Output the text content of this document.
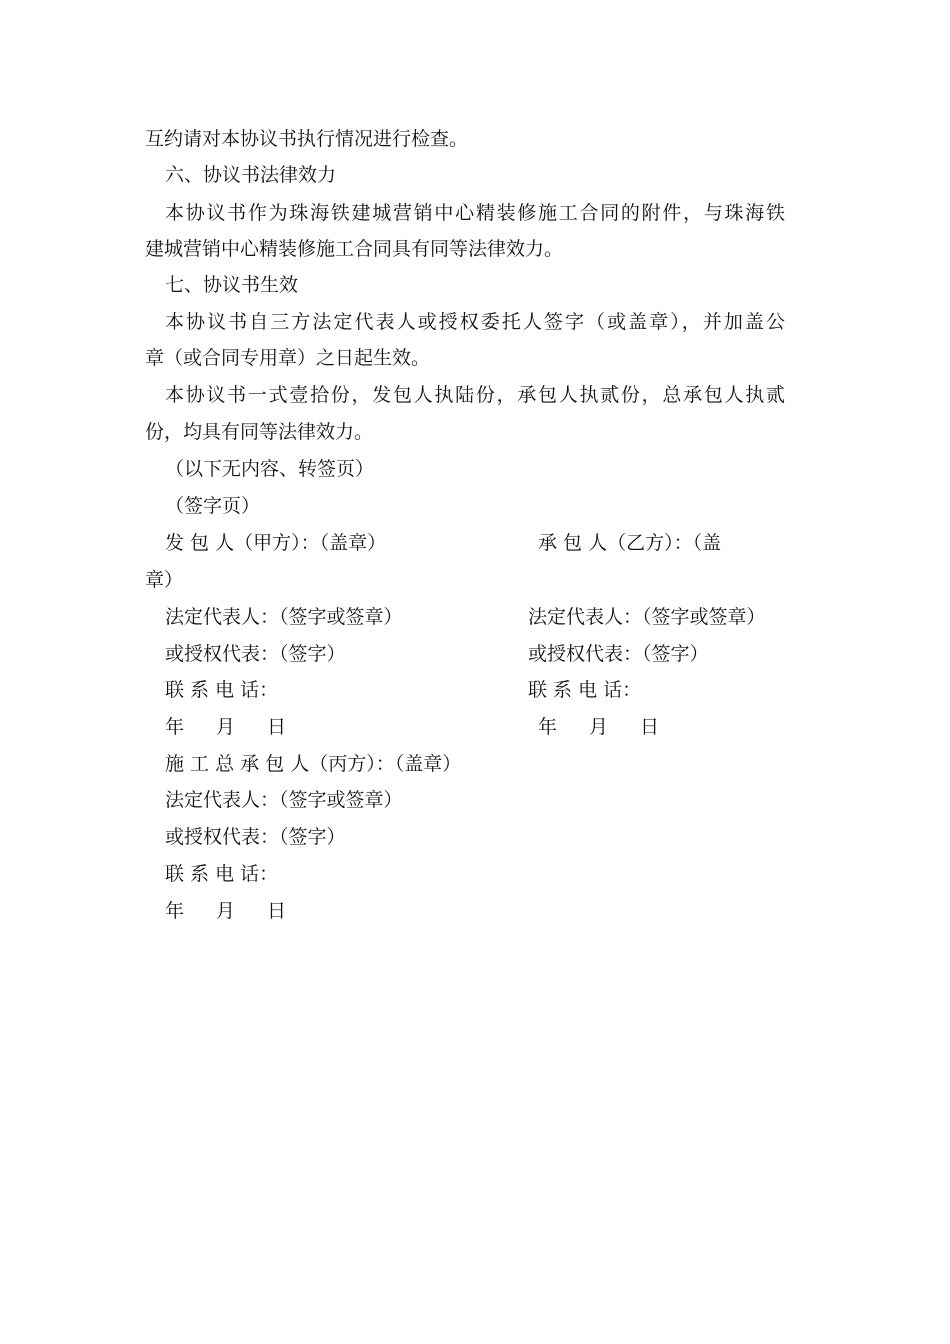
互约请对本协议书执行情况进行检查。

六、协议书法律效力

本协议书作为珠海铁建城营销中心精装修施工合同的附件，与珠海铁

建城营销中心精装修施工合同具有同等法律效力。

七、协议书生效

本协议书自三方法定代表人或授权委托人签字（或盖章），并加盖公

章（或合同专用章）之日起生效。

本协议书一式壹拾份，发包人执陆份，承包人执贰份，总承包人执贰

份，均具有同等法律效力。

（以下无内容、转签页）

（签字页）

发 包 人（甲方）：（盖章）

法定代表人：（签字或签章）

或授权代表：（签字）

联 系 电 话：

年 月 日

承 包 人（乙方）：（盖

章）

法定代表人：（签字或签章）

或授权代表：（签字）

联 系 电 话：

年 月 日

施 工 总 承 包 人（丙方）：（盖章）

法定代表人：（签字或签章）

或授权代表：（签字）

联 系 电 话：

年 月 日
